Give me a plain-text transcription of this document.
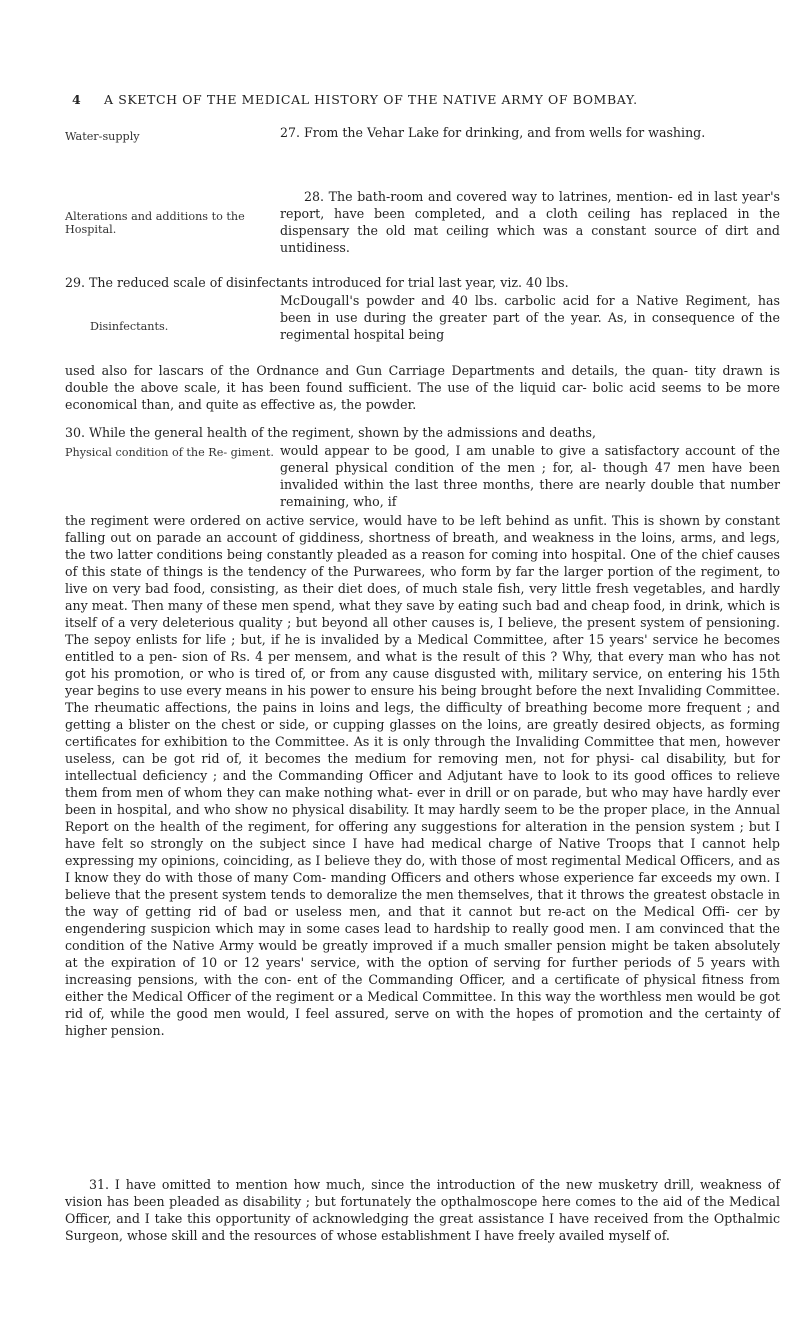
4 A SKETCH OF THE MEDICAL HISTORY OF THE NATIVE ARMY OF BOMBAY.
Water-supply	27. From the Vehar Lake for drinking, and from wells for washing.

Alterations and additions to the Hospital.

28. The bath-room and covered way to latrines, mention- ed in last year's report, have been completed, and a cloth ceiling has replaced in the dispensary the old mat ceiling which was a constant source of dirt and untidiness.

29. The reduced scale of disinfectants introduced for trial last year, viz. 40 lbs.

Disinfectants.

McDougall's powder and 40 lbs. carbolic acid for a Native Regiment, has been in use during the greater part of the year. As, in consequence of the regimental hospital being

used also for lascars of the Ordnance and Gun Carriage Departments and details, the quan- tity drawn is double the above scale, it has been found sufficient. The use of the liquid car- bolic acid seems to be more economical than, and quite as effective as, the powder.

30. While the general health of the regiment, shown by the admissions and deaths,

Physical condition of the Re- giment. would appear to be good, I am unable to give a satisfactory account of the general physical condition of the men ; for, al- though 47 men have been invalided within the last three months, there are nearly double that number remaining, who, if

the regiment were ordered on active service, would have to be left behind as unfit. This is shown by constant falling out on parade an account of giddiness, shortness of breath, and weakness in the loins, arms, and legs, the two latter conditions being constantly pleaded as a reason for coming into hospital. One of the chief causes of this state of things is the tendency of the Purwarees, who form by far the larger portion of the regiment, to live on very bad food, consisting, as their diet does, of much stale fish, very little fresh vegetables, and hardly any meat. Then many of these men spend, what they save by eating such bad and cheap food, in drink, which is itself of a very deleterious quality ; but beyond all other causes is, I believe, the present system of pensioning. The sepoy enlists for life ; but, if he is invalided by a Medical Committee, after 15 years' service he becomes entitled to a pen- sion of Rs. 4 per mensem, and what is the result of this ? Why, that every man who has not got his promotion, or who is tired of, or from any cause disgusted with, military service, on entering his 15th year begins to use every means in his power to ensure his being brought before the next Invaliding Committee. The rheumatic affections, the pains in loins and legs, the difficulty of breathing become more frequent ; and getting a blister on the chest or side, or cupping glasses on the loins, are greatly desired objects, as forming certificates for exhibition to the Committee. As it is only through the Invaliding Committee that men, however useless, can be got rid of, it becomes the medium for removing men, not for physi- cal disability, but for intellectual deficiency ; and the Commanding Officer and Adjutant have to look to its good offices to relieve them from men of whom they can make nothing what- ever in drill or on parade, but who may have hardly ever been in hospital, and who show no physical disability. It may hardly seem to be the proper place, in the Annual Report on the health of the regiment, for offering any suggestions for alteration in the pension system ; but I have felt so strongly on the subject since I have had medical charge of Native Troops that I cannot help expressing my opinions, coinciding, as I believe they do, with those of most regimental Medical Officers, and as I know they do with those of many Com- manding Officers and others whose experience far exceeds my own. I believe that the present system tends to demoralize the men themselves, that it throws the greatest obstacle in the way of getting rid of bad or useless men, and that it cannot but re-act on the Medical Offi- cer by engendering suspicion which may in some cases lead to hardship to really good men. I am convinced that the condition of the Native Army would be greatly improved if a much smaller pension might be taken absolutely at the expiration of 10 or 12 years' service, with the option of serving for further periods of 5 years with increasing pensions, with the con- ent of the Commanding Officer, and a certificate of physical fitness from either the Medical Officer of the regiment or a Medical Committee. In this way the worthless men would be got rid of, while the good men would, I feel assured, serve on with the hopes of promotion and the certainty of higher pension.

31. I have omitted to mention how much, since the introduction of the new musketry drill, weakness of vision has been pleaded as disability ; but fortunately the opthalmoscope here comes to the aid of the Medical Officer, and I take this opportunity of acknowledging the great assistance I have received from the Opthalmic Surgeon, whose skill and the resources of whose establishment I have freely availed myself of.
